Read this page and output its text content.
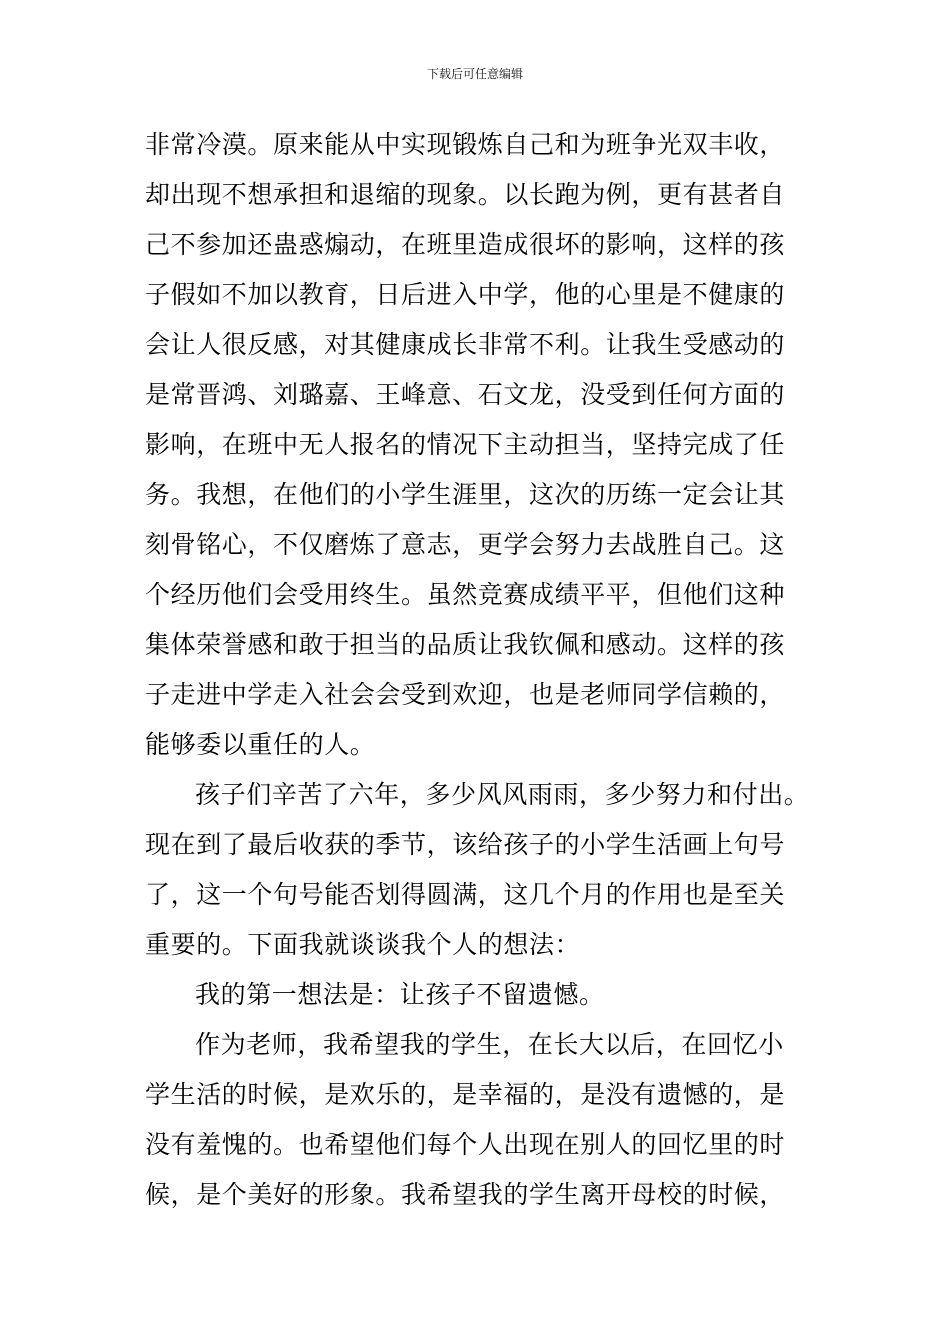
下载后可任意编辑
非常冷漠。原来能从中实现锻炼自己和为班争光双丰收，
却出现不想承担和退缩的现象。以长跑为例，更有甚者自
己不参加还蛊惑煽动，在班里造成很坏的影响，这样的孩
子假如不加以教育，日后进入中学，他的心里是不健康的
会让人很反感，对其健康成长非常不利。让我生受感动的
是常晋鸿、刘璐嘉、王峰意、石文龙，没受到任何方面的
影响，在班中无人报名的情况下主动担当，坚持完成了任
务。我想，在他们的小学生涯里，这次的历练一定会让其
刻骨铭心，不仅磨炼了意志，更学会努力去战胜自己。这
个经历他们会受用终生。虽然竞赛成绩平平，但他们这种
集体荣誉感和敢于担当的品质让我钦佩和感动。这样的孩
子走进中学走入社会会受到欢迎，也是老师同学信赖的，
能够委以重任的人。
孩子们辛苦了六年，多少风风雨雨，多少努力和付出。
现在到了最后收获的季节，该给孩子的小学生活画上句号
了，这一个句号能否划得圆满，这几个月的作用也是至关
重要的。下面我就谈谈我个人的想法：
我的第一想法是：让孩子不留遗憾。
作为老师，我希望我的学生，在长大以后，在回忆小
学生活的时候，是欢乐的，是幸福的，是没有遗憾的，是
没有羞愧的。也希望他们每个人出现在别人的回忆里的时
候，是个美好的形象。我希望我的学生离开母校的时候，
